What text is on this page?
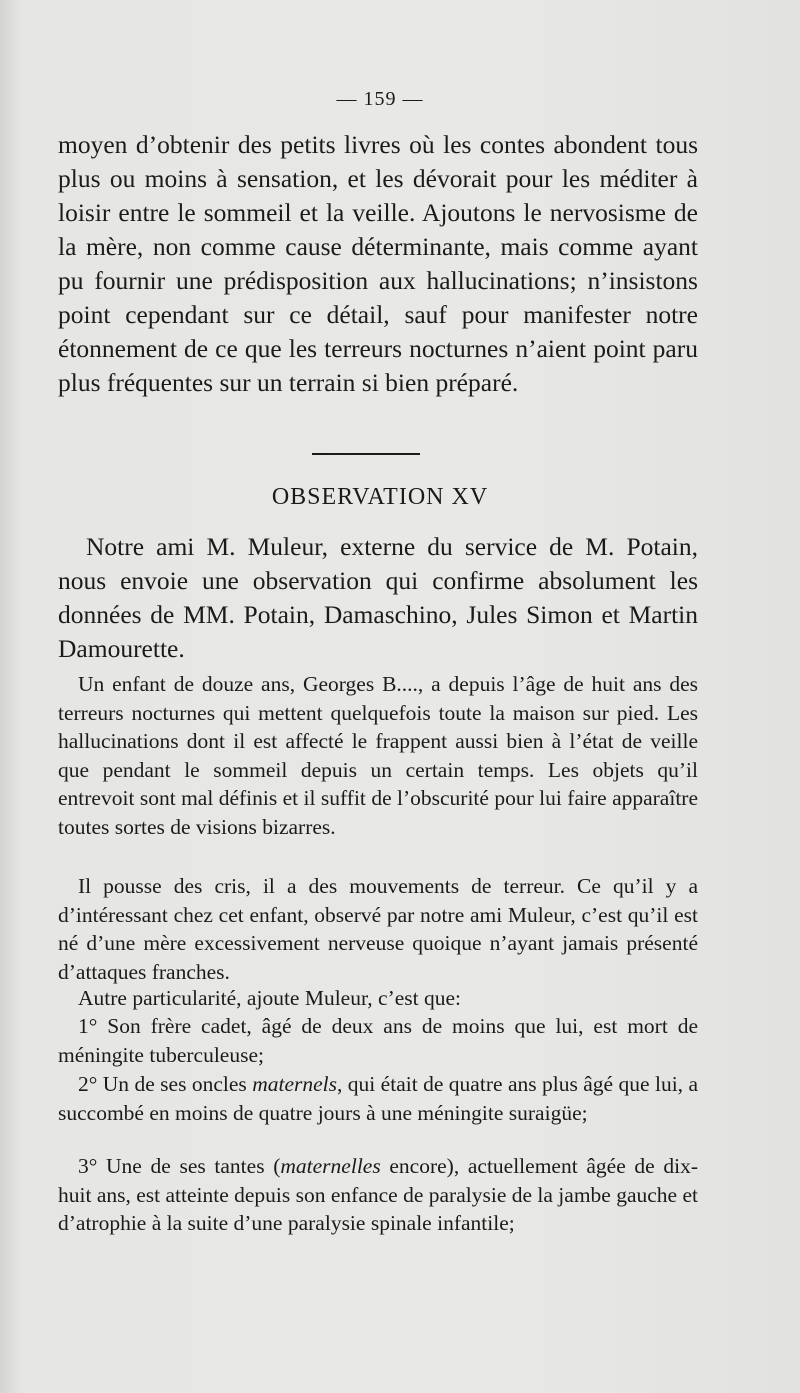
— 159 —
moyen d’obtenir des petits livres où les contes abondent tous plus ou moins à sensation, et les dévorait pour les méditer à loisir entre le sommeil et la veille. Ajoutons le nervosisme de la mère, non comme cause déterminante, mais comme ayant pu fournir une prédisposition aux hallucinations; n’insistons point cependant sur ce détail, sauf pour manifester notre étonnement de ce que les terreurs nocturnes n’aient point paru plus fréquentes sur un terrain si bien préparé.
OBSERVATION XV
Notre ami M. Muleur, externe du service de M. Potain, nous envoie une observation qui confirme absolument les données de MM. Potain, Damaschino, Jules Simon et Martin Damourette.

Un enfant de douze ans, Georges B...., a depuis l’âge de huit ans des terreurs nocturnes qui mettent quelquefois toute la maison sur pied. Les hallucinations dont il est affecté le frappent aussi bien à l’état de veille que pendant le sommeil depuis un certain temps. Les objets qu’il entrevoit sont mal définis et il suffit de l’obscurité pour lui faire apparaître toutes sortes de visions bizarres.

Il pousse des cris, il a des mouvements de terreur. Ce qu’il y a d’intéressant chez cet enfant, observé par notre ami Muleur, c’est qu’il est né d’une mère excessivement nerveuse quoique n’ayant jamais présenté d’attaques franches.

Autre particularité, ajoute Muleur, c’est que:

1° Son frère cadet, âgé de deux ans de moins que lui, est mort de méningite tuberculeuse;

2° Un de ses oncles maternels, qui était de quatre ans plus âgé que lui, a succombé en moins de quatre jours à une méningite suraigüe;

3° Une de ses tantes (maternelles encore), actuellement âgée de dix-huit ans, est atteinte depuis son enfance de paralysie de la jambe gauche et d’atrophie à la suite d’une paralysie spinale infantile;
